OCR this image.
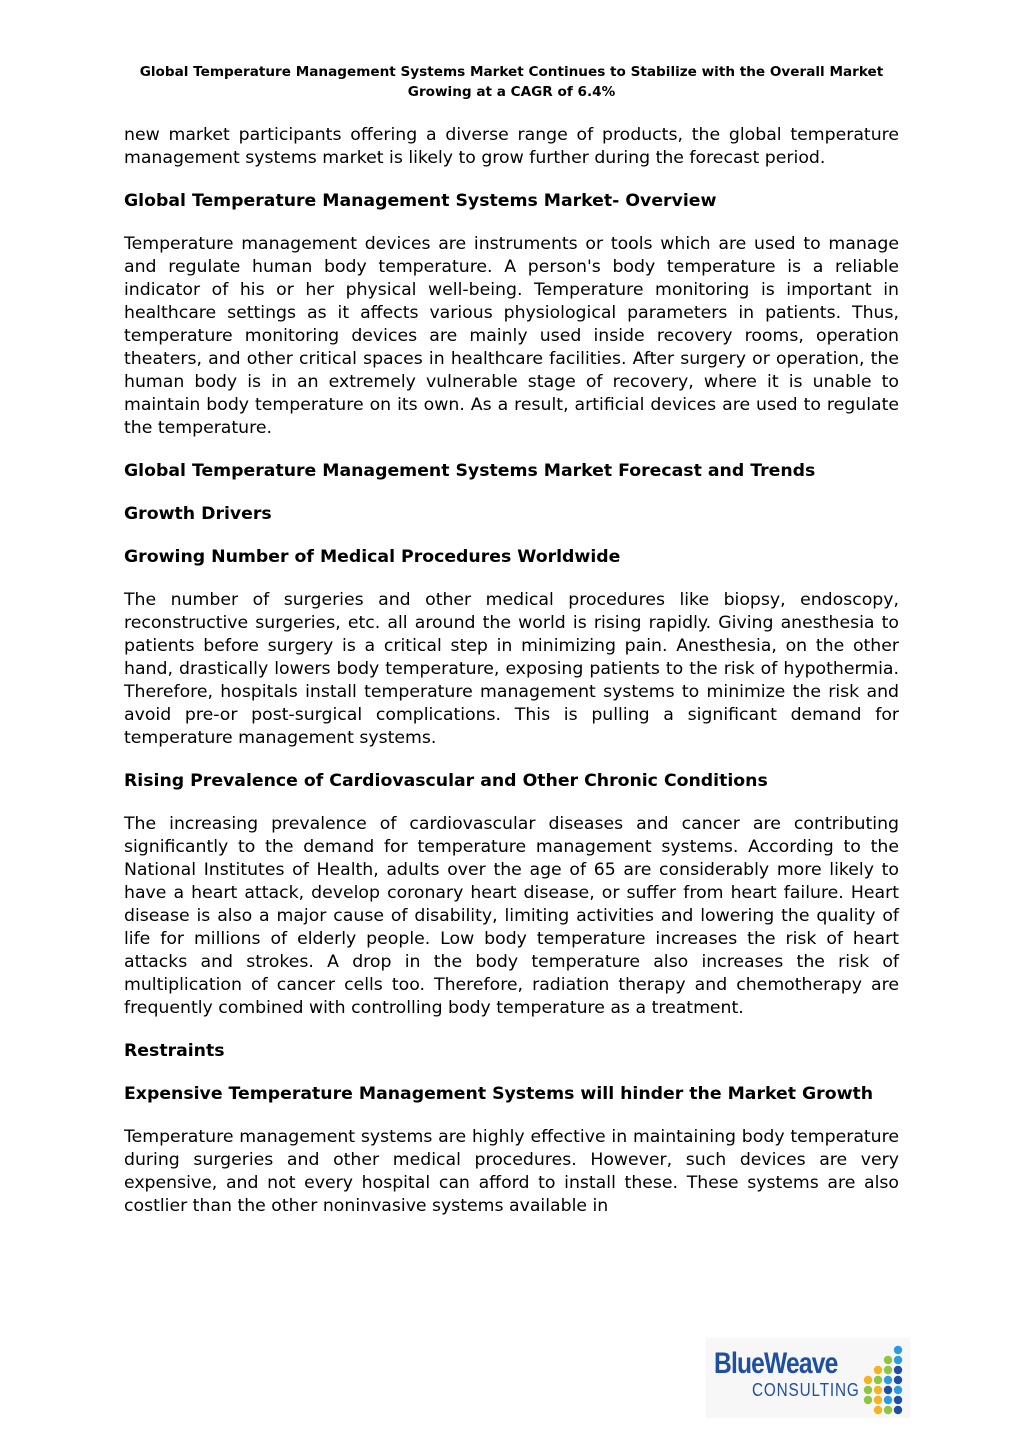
Global Temperature Management Systems Market Continues to Stabilize with the Overall Market Growing at a CAGR of 6.4%

new market participants offering a diverse range of products, the global temperature management systems market is likely to grow further during the forecast period.

Global Temperature Management Systems Market- Overview

Temperature management devices are instruments or tools which are used to manage and regulate human body temperature. A person's body temperature is a reliable indicator of his or her physical well-being. Temperature monitoring is important in healthcare settings as it affects various physiological parameters in patients. Thus, temperature monitoring devices are mainly used inside recovery rooms, operation theaters, and other critical spaces in healthcare facilities. After surgery or operation, the human body is in an extremely vulnerable stage of recovery, where it is unable to maintain body temperature on its own. As a result, artificial devices are used to regulate the temperature.

Global Temperature Management Systems Market Forecast and Trends
Growth Drivers
Growing Number of Medical Procedures Worldwide

The number of surgeries and other medical procedures like biopsy, endoscopy, reconstructive surgeries, etc. all around the world is rising rapidly. Giving anesthesia to patients before surgery is a critical step in minimizing pain. Anesthesia, on the other hand, drastically lowers body temperature, exposing patients to the risk of hypothermia. Therefore, hospitals install temperature management systems to minimize the risk and avoid pre-or post-surgical complications. This is pulling a significant demand for temperature management systems.

Rising Prevalence of Cardiovascular and Other Chronic Conditions

The increasing prevalence of cardiovascular diseases and cancer are contributing significantly to the demand for temperature management systems. According to the National Institutes of Health, adults over the age of 65 are considerably more likely to have a heart attack, develop coronary heart disease, or suffer from heart failure. Heart disease is also a major cause of disability, limiting activities and lowering the quality of life for millions of elderly people. Low body temperature increases the risk of heart attacks and strokes. A drop in the body temperature also increases the risk of multiplication of cancer cells too. Therefore, radiation therapy and chemotherapy are frequently combined with controlling body temperature as a treatment.

Restraints
Expensive Temperature Management Systems will hinder the Market Growth

Temperature management systems are highly effective in maintaining body temperature during surgeries and other medical procedures. However, such devices are very expensive, and not every hospital can afford to install these. These systems are also costlier than the other noninvasive systems available in

BlueWeave
CONSULTING
